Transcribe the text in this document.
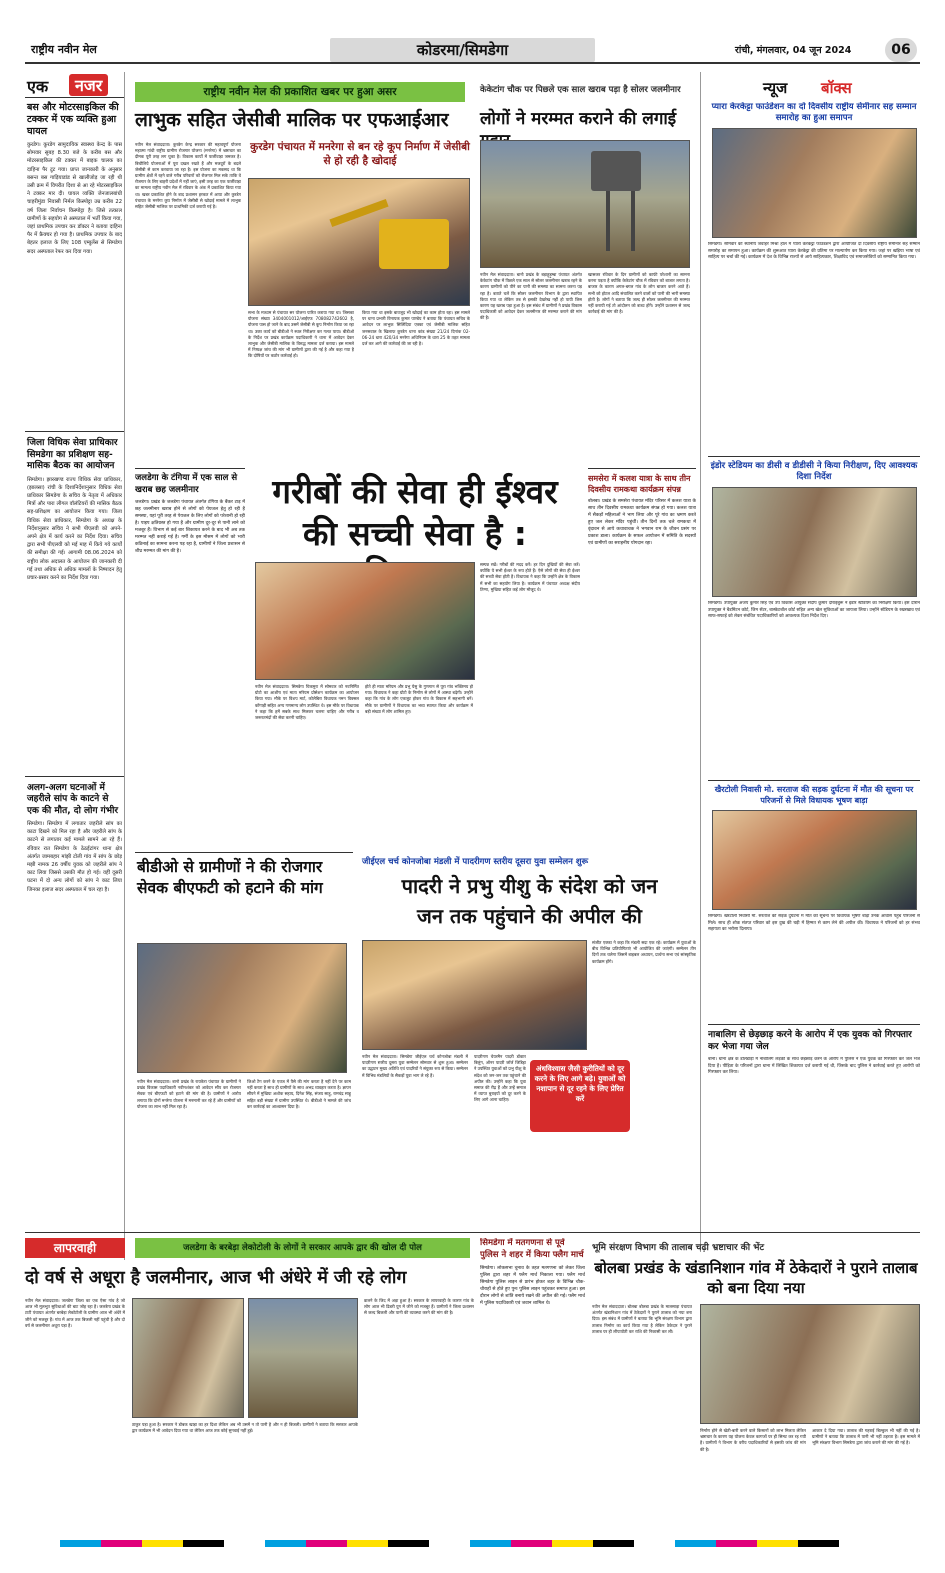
राष्ट्रीय नवीन मेल	कोडरमा/सिमडेगा	रांची, मंगलवार, 04 जून 2024	06
एक	नजर
बस और मोटरसाइकिल की टक्कर में एक व्यक्ति हुआ घायल
कुरडेग। कुरडेग सामुदायिक स्वास्थ्य केन्द्र के पास सोमवार सुबह 8.30 बजे के करीब बस और मोटरसाइकिल की टक्कर में बाइक चालक का दाहिना पैर टूट गया। प्राप्त जानकारी के अनुसार बसन्त बस गाड़ियाडांड से खालीजोड़ जा रही थी उसी क्रम में विपरीत दिशा से आ रहे मोटरसाइकिल ने टक्कर मार दी। घायल व्यक्ति जेनजालबांधी चाहरीमुंडा निवासी निर्मल किस्पोट्टा उम्र करीब 22 वर्ष जिला निर्वाचन किस्पोट्टा है। जिसे तत्काल ग्रामीणों के सहयोग से अस्पताल में भर्ती किया गया, जहां प्राथमिक उपचार कर डॉक्टर ने बताया दाहिना पैर में फ्रैक्चर हो गया है। प्राथमिक उपचार के बाद बेहतर इलाज के लिए 108 एम्बुलेंस से सिमडेगा सदर अस्पताल रेफर कर दिया गया।
जिला विधिक सेवा प्राधिकार सिमडेगा का प्रशिक्षण सह-मासिक बैठक का आयोजन
सिमडेगा। झारखण्ड राज्य विधिक सेवा प्राधिकार, (झालसा) रांची के दिशानिर्देशानुसार विधिक सेवा प्राधिकार सिमडेगा के सचिव के नेतृत्व में अधिकार मित्रों और पारा लीगल वॉलंटियरों की मासिक बैठक सह-प्रशिक्षण का आयोजन किया गया। जिला विधिक सेवा प्राधिकार, सिमडेगा के अध्यक्ष के निर्देशानुसार सचिव ने सभी पीएलवी को अपने-अपने क्षेत्र में कार्य करने का निर्देश दिया। सचिव द्वारा सभी पीएलवी को मई माह में किये गये कार्यों की समीक्षा की गई। आगामी 08.06.2024 को राष्ट्रीय लोक अदालत के आयोजन की जानकारी दी गई तथा अधिक से अधिक मामलों के निष्पादन हेतु प्रचार-प्रसार करने का निर्देश दिया गया।
अलग-अलग घटनाओं में जहरीले सांप के काटने से एक की मौत, दो लोग गंभीर
सिमडेगा। सिमडेगा में लगातार जहरीले सांप का काटा दिखने को मिल रहा है और जहरीले सांप के काटने से लगातार कई मामले सामने आ रहे हैं। रविवार रात सिमडेगा के ठेठईटांगर थाना क्षेत्र अंतर्गत जामबहार मांझी टोली गांव में सांप के छोड़ मझी नामक 26 वर्षीय युवक को जहरीले सांप ने काट लिया जिससे उसकी मौत हो गई। वहीं दूसरी घटना में दो अन्य लोगों को सांप ने काट लिया जिनका इलाज सदर अस्पताल में चल रहा है।
राष्ट्रीय नवीन मेल की प्रकाशित खबर पर हुआ असर
लाभुक सहित जेसीबी मालिक पर एफआईआर
नवीन मेल संवाददाता। कुरडेग केन्द्र सरकार की महत्वपूर्ण योजना महात्मा गांधी राष्ट्रीय ग्रामीण रोजगार योजना (मनरेगा) में भ्रष्टाचार का दीमक पूरी तरह लग चुका है। विकास कार्यों में फर्जीवाड़ा जमकर है। बिचौलिये योजनाओं में पूरा दखल रखते हैं और मजदूरों के बदले जेसीबी से काम करवाया जा रहा है। इस योजना का मकसद था कि ग्रामीण क्षेत्रों में रहने वाले गरीब परिवारों को रोजगार मिल सके ताकि वे रोजगार के लिए बाहरी प्रदेशों में नहीं जाएं, इसी तरह का एक फर्जीवाड़ा का मामला राष्ट्रीय नवीन मेल में रविवार के अंक में प्रकाशित किया गया था। खबर प्रकाशित होने के बाद प्रशासन हरकत में आया और कुरडेग पंचायत के मनरेगा कूप निर्माण में जेसीबी से खोदाई मामले में लाभुक सहित जेसीबी मालिक पर प्राथमिकी दर्ज करायी गई है।
कुरडेग पंचायत में मनरेगा से बन रहे कूप निर्माण में जेसीबी से हो रही है खोदाई
सभा के माध्यम से पंचायत सर योजना पारित कराया गया था। जिसका योजना संख्या 3404001012/आईएफ 708082742602 है, योजना पास हो जाने के बाद उसमें जेसीबी से कूप निर्माण किया जा रहा था। उक्त कार्य को बीडीओ ने स्थल निरीक्षण कर गलत पाया। बीडीओ के निर्देश पर प्रखंड कार्यक्रम पदाधिकारी ने थाना में आवेदन देकर लाभुक और जेसीबी मालिक के विरुद्ध मामला दर्ज कराया। इस मामले में निष्पक्ष जांच की मांग भी ग्रामीणों द्वारा की गई है और कहा गया है कि दोषियों पर कठोर कार्रवाई हो।
किया गया था इसके बावजूद भी खोदाई का काम होता रहा। इस मामले पर थाना प्रभारी विनायक कुमार पाण्डेय ने बताया कि पंचायत सचिव के आवेदन पर लाभुक सिलिंदिया एक्का एवं जेसीबी मालिक सहित जनसवाल के खिलाफ कुरडेग थाना कांड संख्या 21/24 दिनांक 02-06-24 धारा 420/34 मनरेगा अधिनियम के धारा 25 के तहत मामला दर्ज कर आगे की कार्रवाई की जा रही है।
केकेटांग चौक पर पिछले एक साल खराब पड़ा है सोलर जलमीनार
लोगों ने मरम्मत कराने की लगाई
नवीन मेल संवाददाता। बानो प्रखंड के बड़ाहुड़ुम्बा पंचायत अंतर्गत केकेटांग चौक में पिछले एक साल से सोलर जलमीनार खराब रहने के कारण ग्रामीणों को पीने का पानी की समस्या का सामना करना पड़ रहा है। बताते चलें कि सोलर जलमीनार विभाग के द्वारा स्थापित किया गया था लेकिन तब से इसकी देखरेख नहीं हो पायी जिस कारण यह खराब पड़ा हुआ है। इस संबंध में ग्रामीणों ने प्रखंड विकास पदाधिकारी को आवेदन देकर जलमीनार की मरम्मत कराने की मांग की है।
खासकर रविवार के दिन ग्रामीणों को काफी परेशानी का सामना करना पड़ता है क्योंकि केकेटांग चौक में रविवार को बाजार लगता है। बाजार के कारण अगल-बगल गांव के लोग बाजार करने आते हैं। सभी को होटल आदि संचालित करने वालों को पानी की भारी समस्या होती है। लोगों ने बताया कि जल्द ही सोलर जलमीनार की मरम्मत नहीं करायी गई तो आंदोलन को बाध्य होंगे। उन्होंने प्रशासन से जल्द कार्रवाई की मांग की है।
न्यूज बॉक्स
प्यारा केरकेट्टा फाउंडेशन का दो दिवसीय राष्ट्रीय सेमीनार सह सम्मान समारोह का हुआ समापन
सिमडेगा। सोमवार को स्थानीय जवाहर मिश्रा हॉल में प्यारा केरकेट्टा फाउंडेशन द्वारा आयोजित दो दिवसीय राष्ट्रीय सेमीनार सह सम्मान समारोह का समापन हुआ। कार्यक्रम की शुरूआत प्यारा केरकेट्टा की प्रतिमा पर माल्यार्पण कर किया गया। जहां पर खड़िया भाषा एवं साहित्य पर चर्चा की गई। कार्यक्रम में देश के विभिन्न राज्यों से आये साहित्यकार, शिक्षाविद एवं समाजसेवियों को सम्मानित किया गया।
इंडोर स्टेडियम का डीसी व डीडीसी ने किया निरीक्षण, दिए आवश्यक दिशा निर्देश
सिमडेगा। उपायुक्त अजय कुमार सिंह एवं उप विकास आयुक्त संदीप कुमार दोराईबुरू ने इंडोर स्टेडियम का निरीक्षण किया। इस दौरान उपायुक्त ने बैडमिंटन कोर्ट, जिम सेंटर, बास्केटबॉल कोर्ट सहित अन्य खेल सुविधाओं का जायजा लिया। उन्होंने स्टेडियम के रखरखाव एवं साफ-सफाई को लेकर संबंधित पदाधिकारियों को आवश्यक दिशा निर्देश दिए।
खैरटोली निवासी मो. सरताज की सड़क दुर्घटना में मौत की सूचना पर परिजनों से मिले विधायक भूषण बाड़ा
सिमडेगा। खैरटोली निवासी मो. सरताज की सड़क दुर्घटना में मौत की सूचना पर विधायक भूषण बाड़ा उनके आवास पहुंच परिजनों से मिले। साथ ही शोक संतप्त परिवार को इस दुख की घड़ी में हिम्मत से काम लेने की अपील की। विधायक ने परिजनों को हर संभव सहायता का भरोसा दिलाया।
नाबालिग से छेड़छाड़ करने के आरोप में एक युवक को गिरफ्तार कर भेजा गया जेल
बानो। थाना क्षेत्र के डोलडाड़ी में नाबालिग लड़की के साथ छेड़छाड़ करने के आरोप में पुलिस ने एक युवक को गिरफ्तार कर जेल भेज दिया है। पीड़िता के परिजनों द्वारा थाना में लिखित शिकायत दर्ज करायी गई थी, जिसके बाद पुलिस ने कार्रवाई करते हुए आरोपी को गिरफ्तार कर लिया।
जलडेगा के टंगिया में एक साल से खराब छह जलमीनार
जलडेगा। प्रखंड के जलडेगा पंचायत अंतर्गत टंगिया के बैंकर टाड़ में छह जलमीनार खराब होने से लोगों को पेयजल हेतु हो रही है समस्या, यहां पूरी तरह से पेयजल के लिए लोगों को परेशानी हो रही है। पाइप क्षतिग्रस्त हो गया है और ग्रामीण दूर-दूर से पानी लाने को मजबूर हैं। विभाग से कई बार शिकायत करने के बाद भी अब तक मरम्मत नहीं कराई गई है। गर्मी के इस मौसम में लोगों को भारी कठिनाई का सामना करना पड़ रहा है, ग्रामीणों ने जिला प्रशासन से शीघ्र मरम्मत की मांग की है।
गरीबों की सेवा ही ईश्वर
की सच्ची सेवा है :
नवीन मेल संवाददाता। सिमडेगा चिकमुरा में सोमवार को नवनिर्मित ग्रोटो का आशीष एवं माता मरियम प्रोसेशन कार्यक्रम का आयोजन किया गया। मौके पर विशप मार्ट, कोलेबिरा विधायक नमन विक्सल कोंगाड़ी सहित अन्य गणमान्य लोग उपस्थित थे। इस मौके पर विधायक ने कहा कि हमें सबके साथ मिलकर चलना चाहिए और गरीब व जरूरतमंदों की सेवा करनी चाहिए।
होते ही माता मरियम और प्रभु येसु के गुणगान से पूरा गांव भक्तिमय हो गया। विधायक ने कहा ग्रोटो के निर्माण से लोगों में आस्था बढ़ेगी। उन्होंने कहा कि गांव के लोग एकजुट होकर गांव के विकास में सहभागी बनें। मौके पर ग्रामीणों ने विधायक का भव्य स्वागत किया और कार्यक्रम में बड़ी संख्या में लोग शामिल हुए।
सम्पन्न रखें। गरीबों की मदद करें। हर दिन दुखियों की सेवा करें। क्योंकि ये सभी ईश्वर के रूप होते हैं। ऐसे लोगों की सेवा ही ईश्वर की सच्ची सेवा होती है। विधायक ने कहा कि उन्होंने क्षेत्र के विकास में सभी का सहयोग लिया है। कार्यक्रम में पंचायत अध्यक्ष संदीप तिग्गा, मुखिया सहित कई लोग मौजूद थे।
समसेरा में कलश यात्रा के साथ तीन दिवसीय रामकथा कार्यक्रम संपन्न
बोलबा। प्रखंड के समसेरा पंचायत मंदिर परिसर में कलश यात्रा के साथ तीन दिवसीय रामकथा कार्यक्रम संपन्न हो गया। कलश यात्रा में सैकड़ों महिलाओं ने भाग लिया और पूरे गांव का भ्रमण करते हुए जल लेकर मंदिर पहुंचीं। तीन दिनों तक चले रामकथा में वृंदावन से आये कथावाचक ने भगवान राम के जीवन प्रसंग पर प्रकाश डाला। कार्यक्रम के सफल आयोजन में समिति के सदस्यों एवं ग्रामीणों का सराहनीय योगदान रहा।
बीडीओ से ग्रामीणों ने की रोजगार सेवक बीएफटी को हटाने की मांग
नवीन मेल संवाददाता। बानो प्रखंड के रायकेरा पंचायत के ग्रामीणों ने प्रखंड विकास पदाधिकारी नवीनशंकर को आवेदन सौंप कर रोजगार सेवक एवं बीएफटी को हटाने की मांग की है। ग्रामीणों ने आरोप लगाया कि दोनों मनरेगा योजना में मनमानी कर रहे हैं और ग्रामीणों को योजना का लाभ नहीं मिल रहा है।
जिओ टैग करने के एवज में पैसे की मांग करता है नहीं देने पर काम नहीं करता है साथ ही ग्रामीणों के साथ अभद्र व्यवहार करता है। ज्ञापन सौंपने में मुखिया अशोक सहाय, दिनेश सिंह, संजय साहू, रामचंद्र साहू सहित बड़ी संख्या में ग्रामीण उपस्थित थे। बीडीओ ने मामले की जांच कर कार्रवाई का आश्वासन दिया है।
जीईएल चर्च कोनजोबा मंडली में पादरीगण स्तरीय दूसरा युवा सम्मेलन शुरू
पादरी ने प्रभु यीशु के संदेश को जन
जन तक पहुंचाने की अपील की
नवीन मेल संवाददाता। सिमडेगा जीईएल चर्च कोनजोबा मंडली में पादरीगण स्तरीय दूसरा युवा सम्मेलन सोमवार से शुरू हुआ। सम्मेलन का उद्घाटन मुख्य अतिथि एवं पादरियों ने संयुक्त रूप से किया। सम्मेलन में विभिन्न मंडलियों के सैकड़ों युवा भाग ले रहे हैं।
पादरीगण चेयरमैन पादरी डॉक्टर बिलुंग, ऑनर पादरी जॉर्ज जिडिहा ने उपस्थित युवाओं को प्रभु यीशु के संदेश को जन-जन तक पहुंचाने की अपील की। उन्होंने कहा कि युवा समाज की रीढ़ हैं और उन्हें समाज में व्याप्त बुराइयों को दूर करने के लिए आगे आना चाहिए।
अंधविश्वास जैसी कुरीतियों को दूर करने के लिए आगे बढ़े। युवाओं को नशापान से दूर रहने के लिए प्रेरित करें
संजीत एक्का ने कहा कि मंडली सदा एक रहे। कार्यक्रम में युवाओं के बीच विभिन्न प्रतियोगिताएं भी आयोजित की जाएंगी। सम्मेलन तीन दिनों तक चलेगा जिसमें बाइबल अध्ययन, प्रार्थना सभा एवं सांस्कृतिक कार्यक्रम होंगे।
लापरवाही	जलडेगा के बरबेड़ा लेकोटोली के लोगों ने सरकार आपके द्वार की खोल दी पोल
दो वर्ष से अधूरा है जलमीनार, आज भी अंधेरे में जी रहे लोग
नवीन मेल संवाददाता। जलडेगा जिला का एक ऐसा गांव है जो आज भी मूलभूत सुविधाओं की बाट जोह रहा है। जलडेगा प्रखंड के टाटी पंचायत अंतर्गत बरबेड़ा लेकोटोली के ग्रामीण आज भी अंधेरे में जीने को मजबूर हैं। गांव में आज तक बिजली नहीं पहुंची है और दो वर्ष से जलमीनार अधूरा पड़ा है।
ठाकुर पड़ा हुआ है। सरकार ने डोबक खाड़ा का हर दिशा लेकिन अब भी उसमें न तो पानी है और न ही बिजली। ग्रामीणों ने बताया कि सरकार आपके द्वार कार्यक्रम में भी आवेदन दिया गया था लेकिन आज तक कोई सुनवाई नहीं हुई।
डालने के जिद में अड़ा हुआ है। सरकार के लापरवाही के कारण गांव के लोग आज भी ढिबरी युग में जीने को मजबूर हैं। ग्रामीणों ने जिला प्रशासन से जल्द बिजली और पानी की व्यवस्था करने की मांग की है।
सिमडेगा में मतगणना से पूर्व पुलिस ने शहर में किया फ्लैग मार्च
सिमडेगा। लोकसभा चुनाव के तहत मतगणना को लेकर जिला पुलिस द्वारा शहर में फ्लैग मार्च निकाला गया। फ्लैग मार्च सिमडेगा पुलिस लाइन से प्रारंभ होकर शहर के विभिन्न चौक-चौराहों से होते हुए पुनः पुलिस लाइन पहुंचकर समाप्त हुआ। इस दौरान लोगों से शांति बनाये रखने की अपील की गई। फ्लैग मार्च में पुलिस पदाधिकारी एवं जवान शामिल थे।
भूमि संरक्षण विभाग की तालाब चढ़ी भ्रष्टाचार की भेंट
बोलबा प्रखंड के खंडानिशान गांव में ठेकेदारों ने पुराने तालाब को बना दिया नया
नवीन मेल संवाददाता। बोलबा बोलबा प्रखंड के मालसाड़ा पंचायत अंतर्गत खंडानिशान गांव में ठेकेदारों ने पुराने तालाब को नया बना दिया। इस संबंध में ग्रामीणों ने बताया कि भूमि संरक्षण विभाग द्वारा तालाब निर्माण का कार्य किया गया है लेकिन ठेकेदार ने पुराने तालाब पर ही लीपापोती कर राशि की निकासी कर ली।
निर्माण होने से खेती-बारी करने वाले किसानों को लाभ मिलता लेकिन भ्रष्टाचार के कारण यह योजना केवल कागजों पर ही सिमट कर रह गयी है। ग्रामीणों ने विभाग के वरीय पदाधिकारियों से इसकी जांच की मांग की है।
आकार दे दिया गया। तालाब की गहराई बिल्कुल भी नहीं की गई है। ग्रामीणों ने बताया कि तालाब में पानी भी नहीं ठहरता है। इस मामले में भूमि संरक्षण विभाग सिमडेगा द्वारा जांच कराने की मांग की गई है।
